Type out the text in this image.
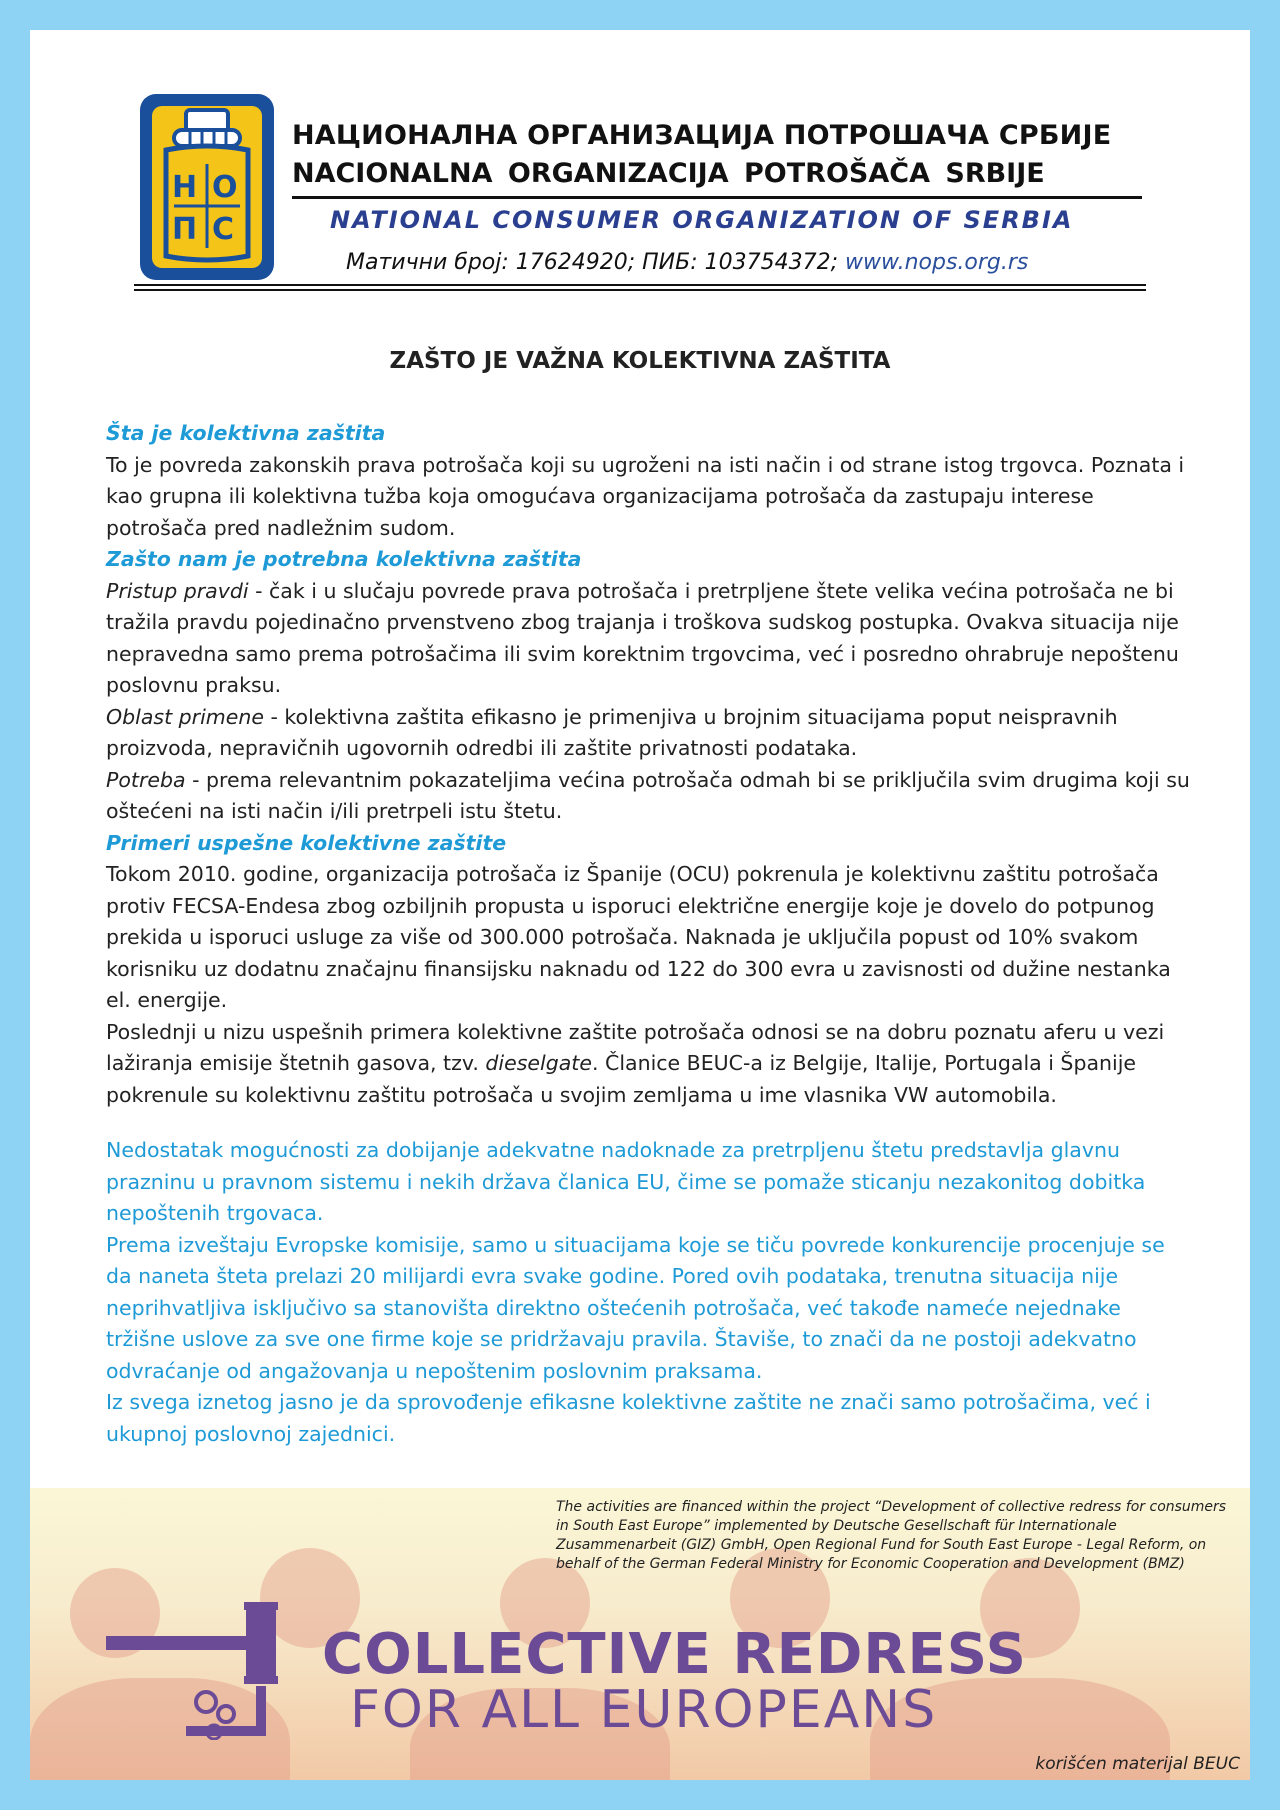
Н О
П С
НАЦИОНАЛНА ОРГАНИЗАЦИЈА ПОТРОШАЧА СРБИЈЕ
NACIONALNA ORGANIZACIJA POTROŠAČA SRBIJE
NATIONAL CONSUMER ORGANIZATION OF SERBIA
Матични број: 17624920; ПИБ: 103754372; www.nops.org.rs
ZAŠTO JE VAŽNA KOLEKTIVNA ZAŠTITA

Šta je kolektivna zaštita

To je povreda zakonskih prava potrošača koji su ugroženi na isti način i od strane istog trgovca. Poznata i kao grupna ili kolektivna tužba koja omogućava organizacijama potrošača da zastupaju interese potrošača pred nadležnim sudom.

Zašto nam je potrebna kolektivna zaštita

Pristup pravdi - čak i u slučaju povrede prava potrošača i pretrpljene štete velika većina potrošača ne bi tražila pravdu pojedinačno prvenstveno zbog trajanja i troškova sudskog postupka. Ovakva situacija nije nepravedna samo prema potrošačima ili svim korektnim trgovcima, već i posredno ohrabruje nepoštenu poslovnu praksu.

Oblast primene - kolektivna zaštita efikasno je primenjiva u brojnim situacijama poput neispravnih proizvoda, nepravičnih ugovornih odredbi ili zaštite privatnosti podataka.

Potreba - prema relevantnim pokazateljima većina potrošača odmah bi se priključila svim drugima koji su oštećeni na isti način i/ili pretrpeli istu štetu.

Primeri uspešne kolektivne zaštite

Tokom 2010. godine, organizacija potrošača iz Španije (OCU) pokrenula je kolektivnu zaštitu potrošača protiv FECSA-Endesa zbog ozbiljnih propusta u isporuci električne energije koje je dovelo do potpunog prekida u isporuci usluge za više od 300.000 potrošača. Naknada je uključila popust od 10% svakom korisniku uz dodatnu značajnu finansijsku naknadu od 122 do 300 evra u zavisnosti od dužine nestanka el. energije.

Poslednji u nizu uspešnih primera kolektivne zaštite potrošača odnosi se na dobru poznatu aferu u vezi lažiranja emisije štetnih gasova, tzv. dieselgate. Članice BEUC-a iz Belgije, Italije, Portugala i Španije pokrenule su kolektivnu zaštitu potrošača u svojim zemljama u ime vlasnika VW automobila.

Nedostatak mogućnosti za dobijanje adekvatne nadoknade za pretrpljenu štetu predstavlja glavnu prazninu u pravnom sistemu i nekih država članica EU, čime se pomaže sticanju nezakonitog dobitka nepoštenih trgovaca.

Prema izveštaju Evropske komisije, samo u situacijama koje se tiču povrede konkurencije procenjuje se da naneta šteta prelazi 20 milijardi evra svake godine. Pored ovih podataka, trenutna situacija nije neprihvatljiva isključivo sa stanovišta direktno oštećenih potrošača, već takođe nameće nejednake tržišne uslove za sve one firme koje se pridržavaju pravila. Štaviše, to znači da ne postoji adekvatno odvraćanje od angažovanja u nepoštenim poslovnim praksama.

Iz svega iznetog jasno je da sprovođenje efikasne kolektivne zaštite ne znači samo potrošačima, već i ukupnoj poslovnoj zajednici.

The activities are financed within the project “Development of collective redress for consumers in South East Europe” implemented by Deutsche Gesellschaft für Internationale Zusammenarbeit (GIZ) GmbH, Open Regional Fund for South East Europe - Legal Reform, on behalf of the German Federal Ministry for Economic Cooperation and Development (BMZ)
COLLECTIVE REDRESS
FOR ALL EUROPEANS
korišćen materijal BEUC
